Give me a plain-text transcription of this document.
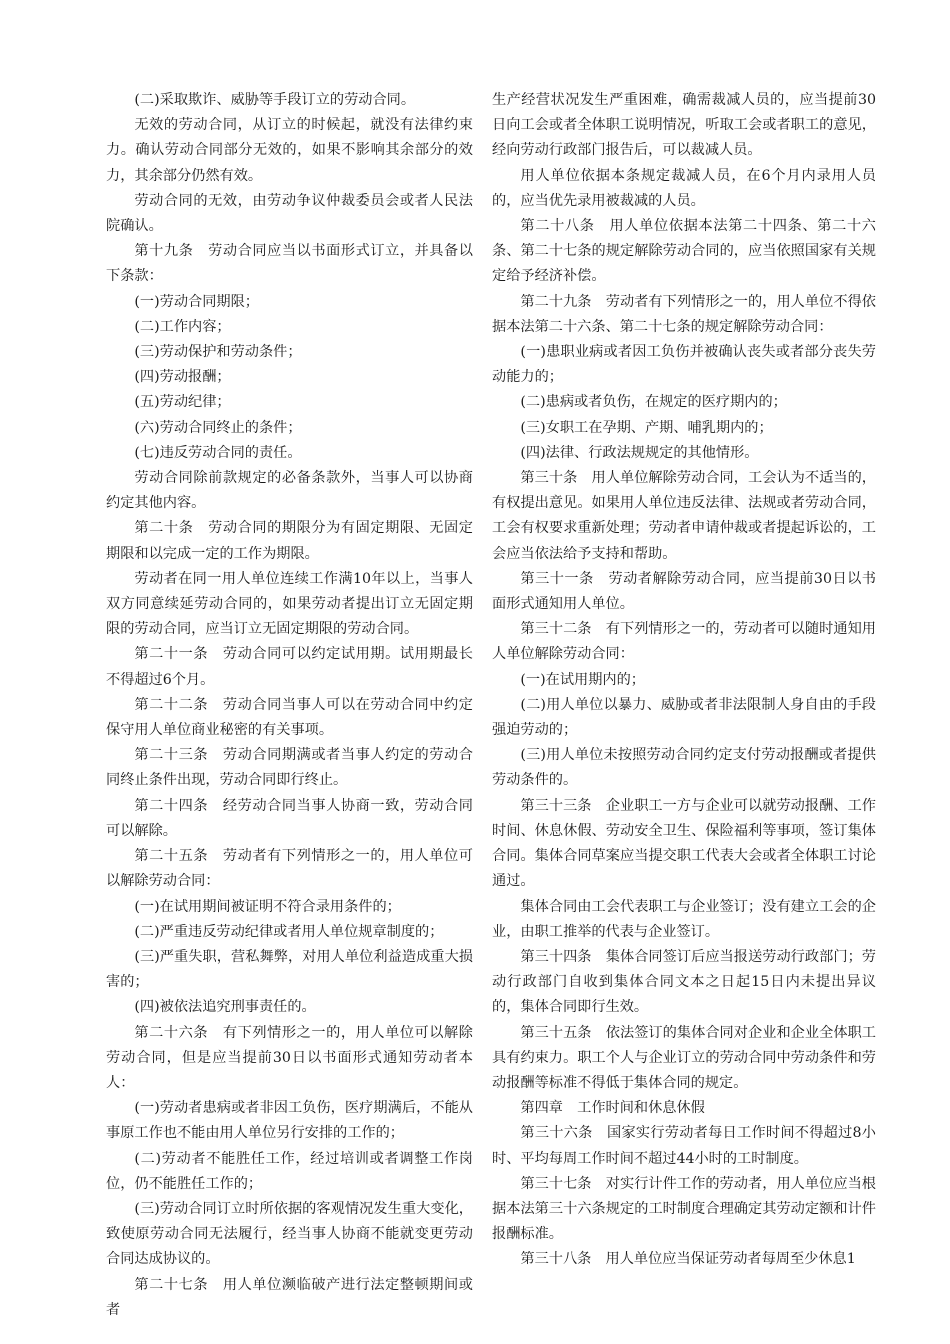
(二)采取欺诈、威胁等手段订立的劳动合同。

无效的劳动合同，从订立的时候起，就没有法律约束力。确认劳动合同部分无效的，如果不影响其余部分的效力，其余部分仍然有效。

劳动合同的无效，由劳动争议仲裁委员会或者人民法院确认。

第十九条　劳动合同应当以书面形式订立，并具备以下条款：

(一)劳动合同期限；

(二)工作内容；

(三)劳动保护和劳动条件；

(四)劳动报酬；

(五)劳动纪律；

(六)劳动合同终止的条件；

(七)违反劳动合同的责任。

劳动合同除前款规定的必备条款外，当事人可以协商约定其他内容。

第二十条　劳动合同的期限分为有固定期限、无固定期限和以完成一定的工作为期限。

劳动者在同一用人单位连续工作满10年以上，当事人双方同意续延劳动合同的，如果劳动者提出订立无固定期限的劳动合同，应当订立无固定期限的劳动合同。

第二十一条　劳动合同可以约定试用期。试用期最长不得超过6个月。

第二十二条　劳动合同当事人可以在劳动合同中约定保守用人单位商业秘密的有关事项。

第二十三条　劳动合同期满或者当事人约定的劳动合同终止条件出现，劳动合同即行终止。

第二十四条　经劳动合同当事人协商一致，劳动合同可以解除。

第二十五条　劳动者有下列情形之一的，用人单位可以解除劳动合同：

(一)在试用期间被证明不符合录用条件的；

(二)严重违反劳动纪律或者用人单位规章制度的；

(三)严重失职，营私舞弊，对用人单位利益造成重大损害的；

(四)被依法追究刑事责任的。

第二十六条　有下列情形之一的，用人单位可以解除劳动合同，但是应当提前30日以书面形式通知劳动者本人：

(一)劳动者患病或者非因工负伤，医疗期满后，不能从事原工作也不能由用人单位另行安排的工作的；

(二)劳动者不能胜任工作，经过培训或者调整工作岗位，仍不能胜任工作的；

(三)劳动合同订立时所依据的客观情况发生重大变化，致使原劳动合同无法履行，经当事人协商不能就变更劳动合同达成协议的。

第二十七条　用人单位濒临破产进行法定整顿期间或者

生产经营状况发生严重困难，确需裁减人员的，应当提前30日向工会或者全体职工说明情况，听取工会或者职工的意见，经向劳动行政部门报告后，可以裁减人员。

用人单位依据本条规定裁减人员，在6个月内录用人员的，应当优先录用被裁减的人员。

第二十八条　用人单位依据本法第二十四条、第二十六条、第二十七条的规定解除劳动合同的，应当依照国家有关规定给予经济补偿。

第二十九条　劳动者有下列情形之一的，用人单位不得依据本法第二十六条、第二十七条的规定解除劳动合同：

(一)患职业病或者因工负伤并被确认丧失或者部分丧失劳动能力的；

(二)患病或者负伤，在规定的医疗期内的；

(三)女职工在孕期、产期、哺乳期内的；

(四)法律、行政法规规定的其他情形。

第三十条　用人单位解除劳动合同，工会认为不适当的，有权提出意见。如果用人单位违反法律、法规或者劳动合同，工会有权要求重新处理；劳动者申请仲裁或者提起诉讼的，工会应当依法给予支持和帮助。

第三十一条　劳动者解除劳动合同，应当提前30日以书面形式通知用人单位。

第三十二条　有下列情形之一的，劳动者可以随时通知用人单位解除劳动合同：

(一)在试用期内的；

(二)用人单位以暴力、威胁或者非法限制人身自由的手段强迫劳动的；

(三)用人单位未按照劳动合同约定支付劳动报酬或者提供劳动条件的。

第三十三条　企业职工一方与企业可以就劳动报酬、工作时间、休息休假、劳动安全卫生、保险福利等事项，签订集体合同。集体合同草案应当提交职工代表大会或者全体职工讨论通过。

集体合同由工会代表职工与企业签订；没有建立工会的企业，由职工推举的代表与企业签订。

第三十四条　集体合同签订后应当报送劳动行政部门；劳动行政部门自收到集体合同文本之日起15日内未提出异议的，集体合同即行生效。

第三十五条　依法签订的集体合同对企业和企业全体职工具有约束力。职工个人与企业订立的劳动合同中劳动条件和劳动报酬等标准不得低于集体合同的规定。

第四章　工作时间和休息休假

第三十六条　国家实行劳动者每日工作时间不得超过8小时、平均每周工作时间不超过44小时的工时制度。

第三十七条　对实行计件工作的劳动者，用人单位应当根据本法第三十六条规定的工时制度合理确定其劳动定额和计件报酬标准。

第三十八条　用人单位应当保证劳动者每周至少休息1
